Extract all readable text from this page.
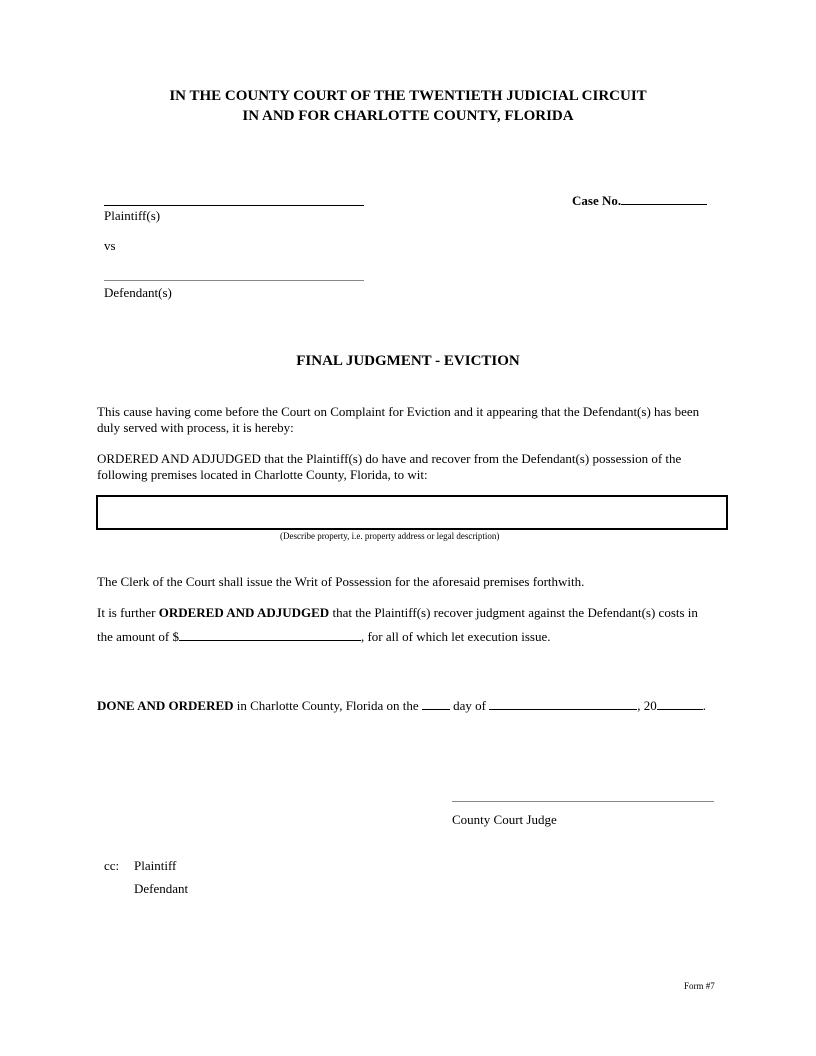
IN THE COUNTY COURT OF THE TWENTIETH JUDICIAL CIRCUIT
IN AND FOR CHARLOTTE COUNTY, FLORIDA
Plaintiff(s)
Case No.
vs
Defendant(s)
FINAL JUDGMENT - EVICTION
This cause having come before the Court on Complaint for Eviction and it appearing that the Defendant(s) has been
duly served with process, it is hereby:
ORDERED AND ADJUDGED that the Plaintiff(s) do have and recover from the Defendant(s) possession of the
following premises located in Charlotte County, Florida, to wit:
(Describe property, i.e. property address or legal description)
The Clerk of the Court shall issue the Writ of Possession for the aforesaid premises forthwith.
It is further ORDERED AND ADJUDGED that the Plaintiff(s) recover judgment against the Defendant(s) costs in
the amount of $	, for all of which let execution issue.
DONE AND ORDERED in Charlotte County, Florida on the  day of	, 20	.
County Court Judge
cc: Plaintiff
Defendant
Form #7
